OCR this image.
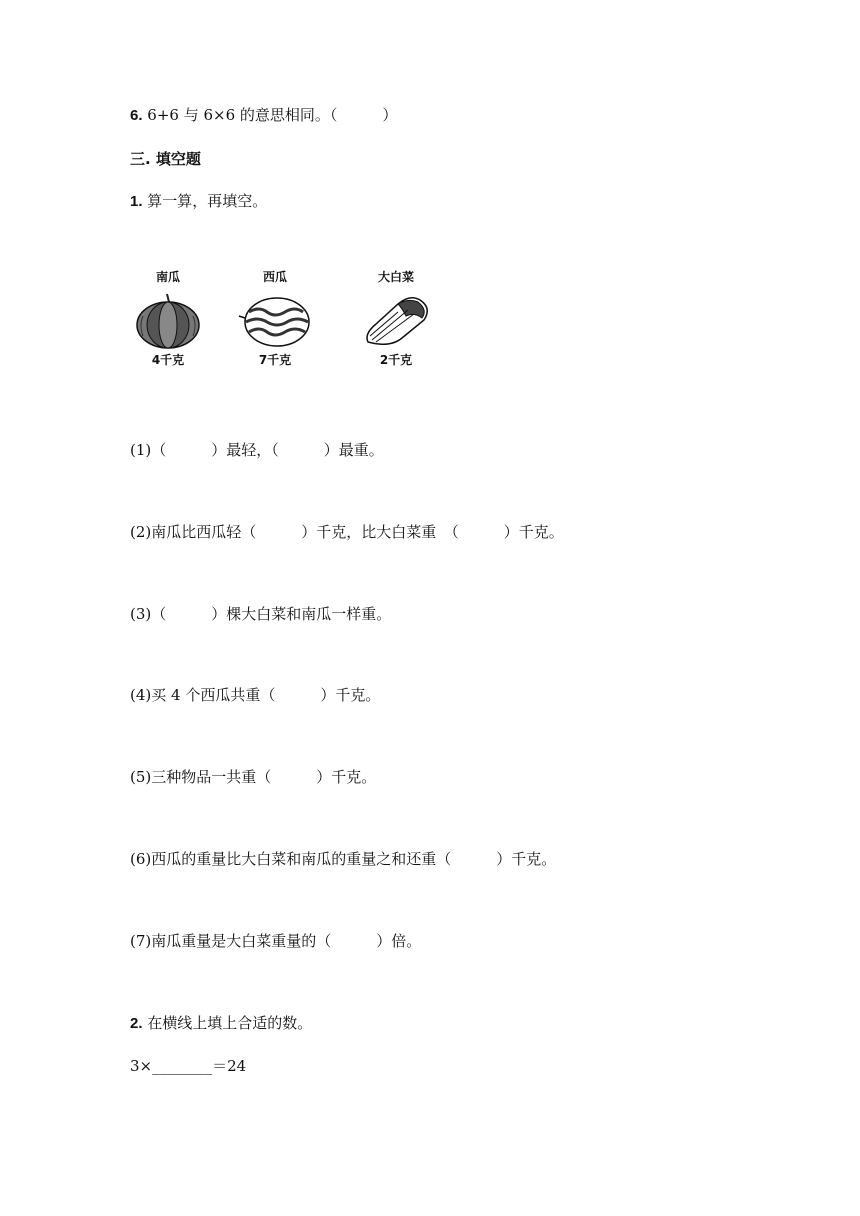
6. 6+6 与 6×6 的意思相同。（　　　）
三. 填空题
1. 算一算，再填空。
南瓜
4千克
西瓜
7千克
大白菜
2千克
(1)（　　　）最轻，（　　　）最重。
(2)南瓜比西瓜轻（　　　）千克，比大白菜重　（　　　）千克。
(3)（　　　）棵大白菜和南瓜一样重。
(4)买 4 个西瓜共重（　　　）千克。
(5)三种物品一共重（　　　）千克。
(6)西瓜的重量比大白菜和南瓜的重量之和还重（　　　）千克。
(7)南瓜重量是大白菜重量的（　　　）倍。
2. 在横线上填上合适的数。
3×________＝24
